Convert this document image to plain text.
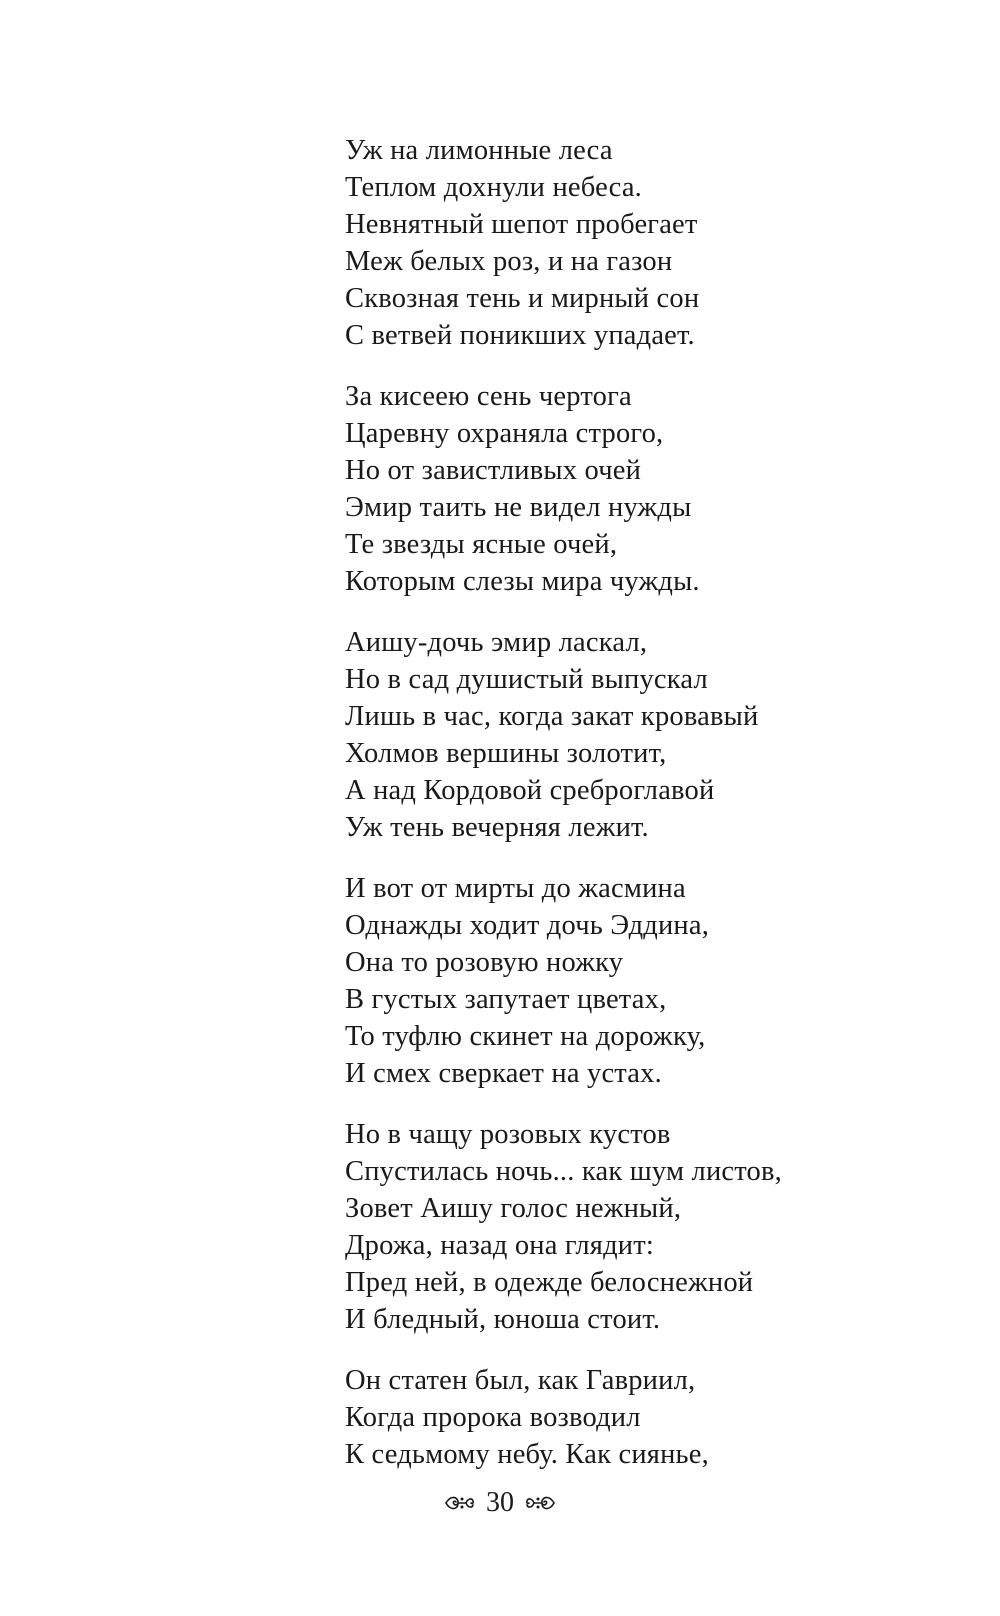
Уж на лимонные леса
Теплом дохнули небеса.
Невнятный шепот пробегает
Меж белых роз, и на газон
Сквозная тень и мирный сон
С ветвей поникших упадает.
За кисеею сень чертога
Царевну охраняла строго,
Но от завистливых очей
Эмир таить не видел нужды
Те звезды ясные очей,
Которым слезы мира чужды.
Аишу-дочь эмир ласкал,
Но в сад душистый выпускал
Лишь в час, когда закат кровавый
Холмов вершины золотит,
А над Кордовой среброглавой
Уж тень вечерняя лежит.
И вот от мирты до жасмина
Однажды ходит дочь Эддина,
Она то розовую ножку
В густых запутает цветах,
То туфлю скинет на дорожку,
И смех сверкает на устах.
Но в чащу розовых кустов
Спустилась ночь... как шум листов,
Зовет Аишу голос нежный,
Дрожа, назад она глядит:
Пред ней, в одежде белоснежной
И бледный, юноша стоит.
Он статен был, как Гавриил,
Когда пророка возводил
К седьмому небу. Как сиянье,
30
